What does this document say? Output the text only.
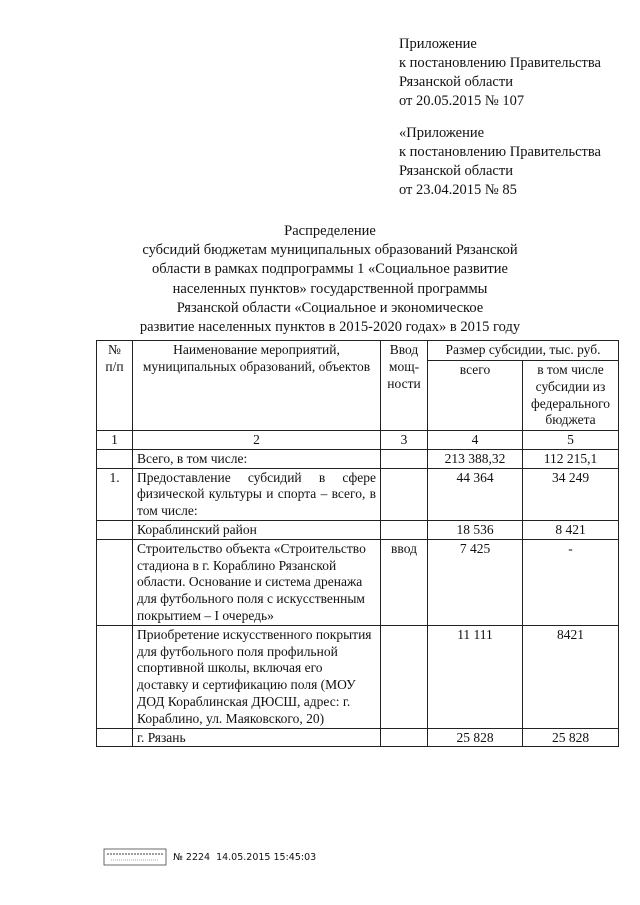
Приложение
к постановлению Правительства
Рязанской области
от 20.05.2015 № 107
«Приложение
к постановлению Правительства
Рязанской области
от 23.04.2015 № 85
Распределение
субсидий бюджетам муниципальных образований Рязанской
области в рамках подпрограммы 1 «Социальное развитие
населенных пунктов» государственной программы
Рязанской области «Социальное и экономическое
развитие населенных пунктов в 2015-2020 годах» в 2015 году
№ п/п	Наименование мероприятий, муниципальных образований, объектов	Ввод мощ-ности	Размер субсидии, тыс. руб.	
			всего	в том числе субсидии из федерального бюджета
1	2	3	4	5
	Всего, в том числе:		213 388,32	112 215,1
1.	Предоставление субсидий в сфере физической культуры и спорта – всего, в том числе:		44 364	34 249
	Кораблинский район		18 536	8 421
	Строительство объекта «Строительство стадиона в г. Кораблино Рязанской области. Основание и система дренажа для футбольного поля с искусственным покрытием – I очередь»	ввод	7 425	-
	Приобретение искусственного покрытия для футбольного поля профильной спортивной школы, включая его доставку и сертификацию поля (МОУ ДОД Кораблинская ДЮСШ, адрес: г. Кораблино, ул. Маяковского, 20)		11 111	8421
	г. Рязань		25 828	25 828
№ 2224 14.05.2015 15:45:03
